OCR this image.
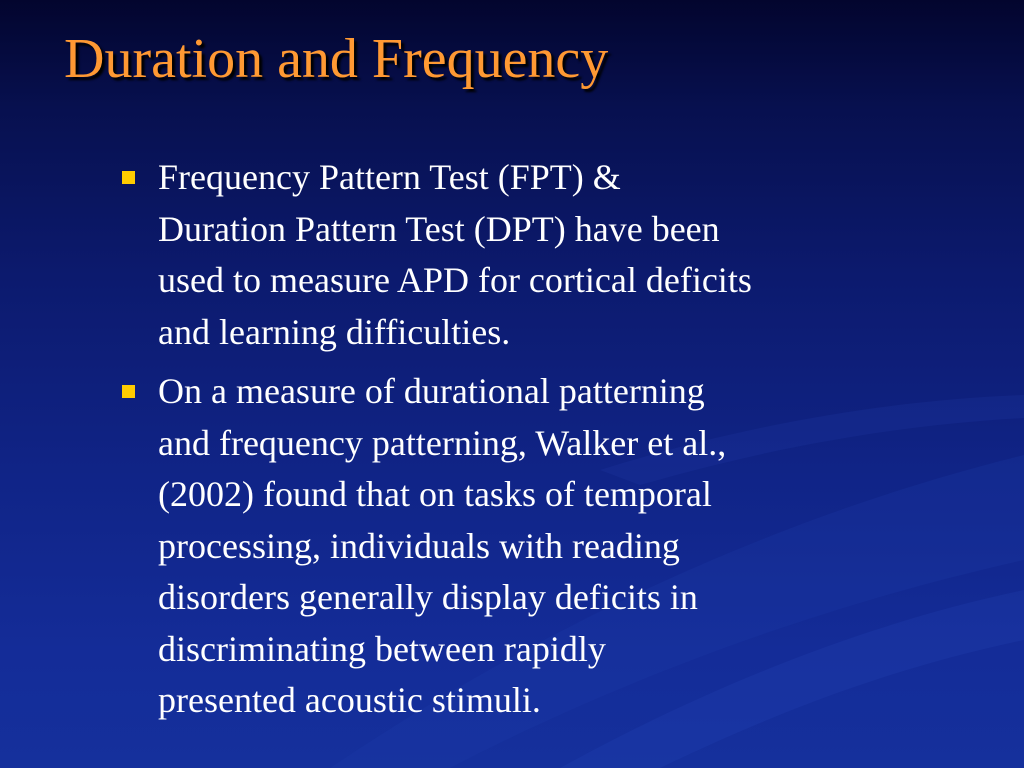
Duration and Frequency
Frequency Pattern Test (FPT) &
Duration Pattern Test (DPT) have been
used to measure APD for cortical deficits
and learning difficulties.
On a measure of durational patterning
and frequency patterning, Walker et al.,
(2002) found that on tasks of temporal
processing, individuals with reading
disorders generally display deficits in
discriminating between rapidly
presented acoustic stimuli.
